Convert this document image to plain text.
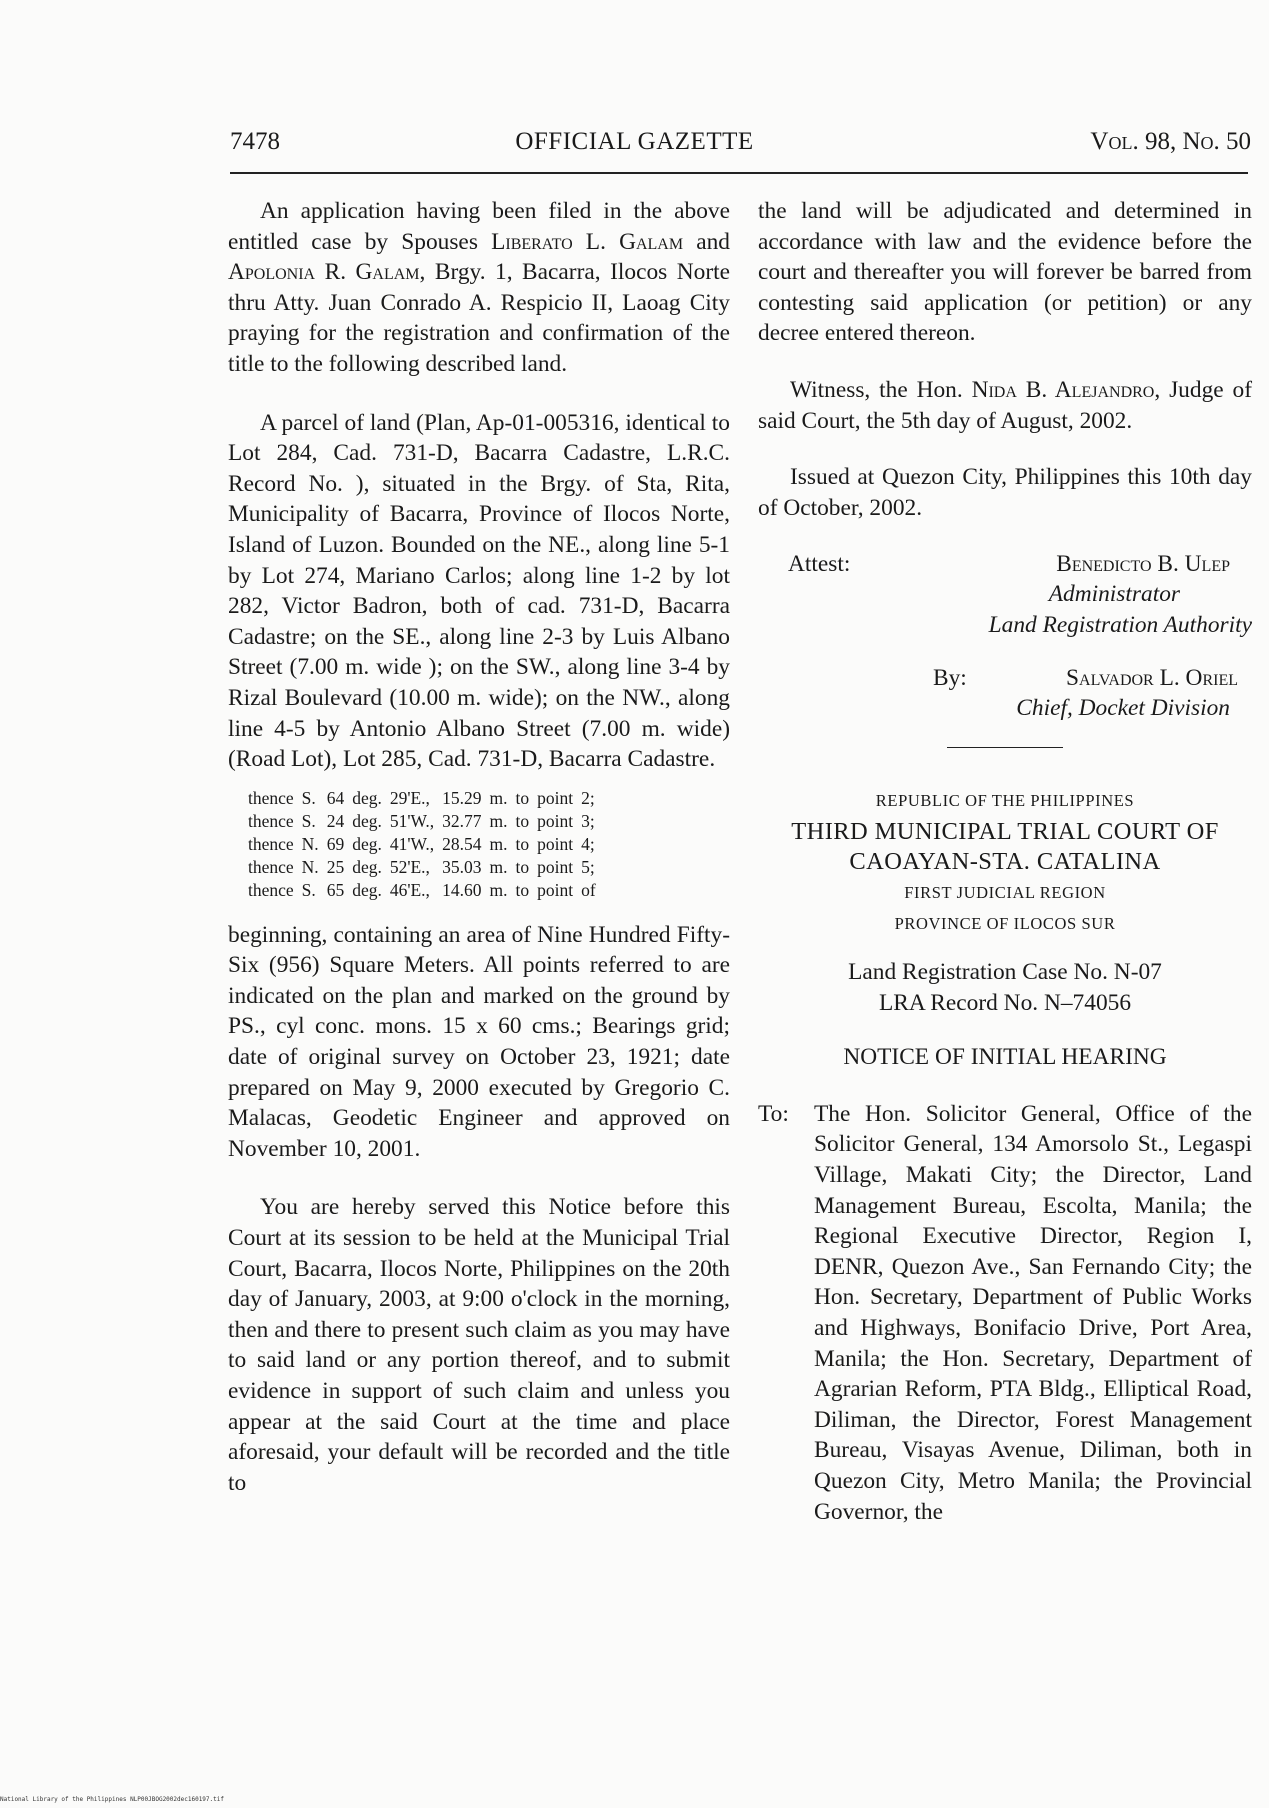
7478	OFFICIAL GAZETTE	Vol. 98, No. 50

An application having been filed in the above entitled case by Spouses Liberato L. Galam and Apolonia R. Galam, Brgy. 1, Bacarra, Ilocos Norte thru Atty. Juan Conrado A. Respicio II, Laoag City praying for the registration and confirmation of the title to the following described land.

A parcel of land (Plan, Ap-01-005316, identical to Lot 284, Cad. 731-D, Bacarra Cadastre, L.R.C. Record No. ), situated in the Brgy. of Sta, Rita, Municipality of Bacarra, Province of Ilocos Norte, Island of Luzon. Bounded on the NE., along line 5-1 by Lot 274, Mariano Carlos; along line 1-2 by lot 282, Victor Badron, both of cad. 731-D, Bacarra Cadastre; on the SE., along line 2-3 by Luis Albano Street (7.00 m. wide ); on the SW., along line 3-4 by Rizal Boulevard (10.00 m. wide); on the NW., along line 4-5 by Antonio Albano Street (7.00 m. wide) (Road Lot), Lot 285, Cad. 731-D, Bacarra Cadastre.

thence	S.	64	deg.	29'E.,	15.29	m.	to	point	2;
thence	S.	24	deg.	51'W.,	32.77	m.	to	point	3;
thence	N.	69	deg.	41'W.,	28.54	m.	to	point	4;
thence	N.	25	deg.	52'E.,	35.03	m.	to	point	5;
thence	S.	65	deg.	46'E.,	14.60	m.	to	point	of

beginning, containing an area of Nine Hundred Fifty-Six (956) Square Meters. All points referred to are indicated on the plan and marked on the ground by PS., cyl conc. mons. 15 x 60 cms.; Bearings grid; date of original survey on October 23, 1921; date prepared on May 9, 2000 executed by Gregorio C. Malacas, Geodetic Engineer and approved on November 10, 2001.

You are hereby served this Notice before this Court at its session to be held at the Municipal Trial Court, Bacarra, Ilocos Norte, Philippines on the 20th day of January, 2003, at 9:00 o'clock in the morning, then and there to present such claim as you may have to said land or any portion thereof, and to submit evidence in support of such claim and unless you appear at the said Court at the time and place aforesaid, your default will be recorded and the title to

the land will be adjudicated and determined in accordance with law and the evidence before the court and thereafter you will forever be barred from contesting said application (or petition) or any decree entered thereon.

Witness, the Hon. Nida B. Alejandro, Judge of said Court, the 5th day of August, 2002.

Issued at Quezon City, Philippines this 10th day of October, 2002.

Attest:	Benedicto B. Ulep
Administrator
Land Registration Authority
By:	Salvador L. Oriel
Chief, Docket Division
REPUBLIC OF THE PHILIPPINES
THIRD MUNICIPAL TRIAL COURT OF
CAOAYAN-STA. CATALINA
FIRST JUDICIAL REGION
PROVINCE OF ILOCOS SUR
Land Registration Case No. N-07
LRA Record No. N–74056
NOTICE OF INITIAL HEARING
To:	The Hon. Solicitor General, Office of the Solicitor General, 134 Amorsolo St., Legaspi Village, Makati City; the Director, Land Management Bureau, Escolta, Manila; the Regional Executive Director, Region I, DENR, Quezon Ave., San Fernando City; the Hon. Secretary, Department of Public Works and Highways, Bonifacio Drive, Port Area, Manila; the Hon. Secretary, Department of Agrarian Reform, PTA Bldg., Elliptical Road, Diliman, the Director, Forest Management Bureau, Visayas Avenue, Diliman, both in Quezon City, Metro Manila; the Provincial Governor, the
National Library of the Philippines NLP00JBOG2002dec160197.tif
